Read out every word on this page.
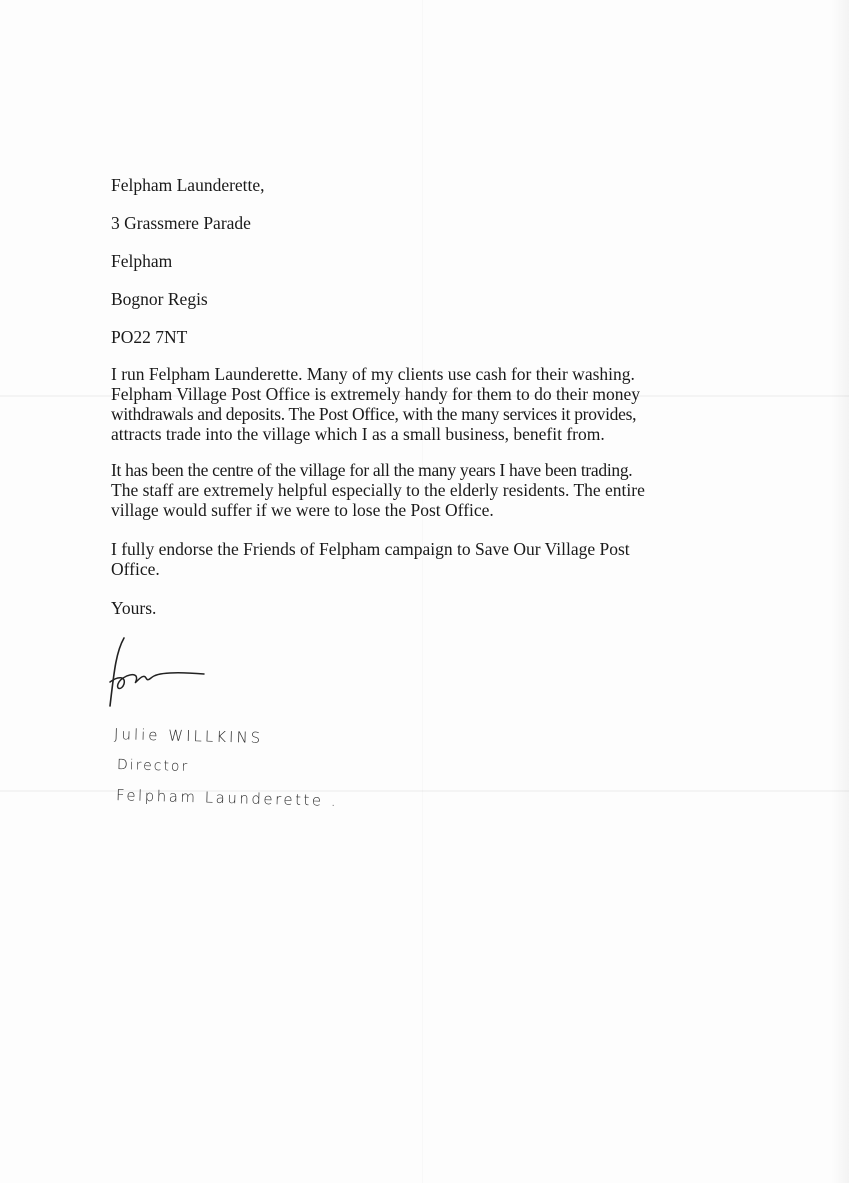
Felpham Launderette,
3 Grassmere Parade
Felpham
Bognor Regis
PO22 7NT
I run Felpham Launderette. Many of my clients use cash for their washing.
Felpham Village Post Office is extremely handy for them to do their money
withdrawals and deposits. The Post Office, with the many services it provides,
attracts trade into the village which I as a small business, benefit from.
It has been the centre of the village for all the many years I have been trading.
The staff are extremely helpful especially to the elderly residents. The entire
village would suffer if we were to lose the Post Office.
I fully endorse the Friends of Felpham campaign to Save Our Village Post
Office.
Yours.
Julie WILLKINS
Director
Felpham Launderette .
